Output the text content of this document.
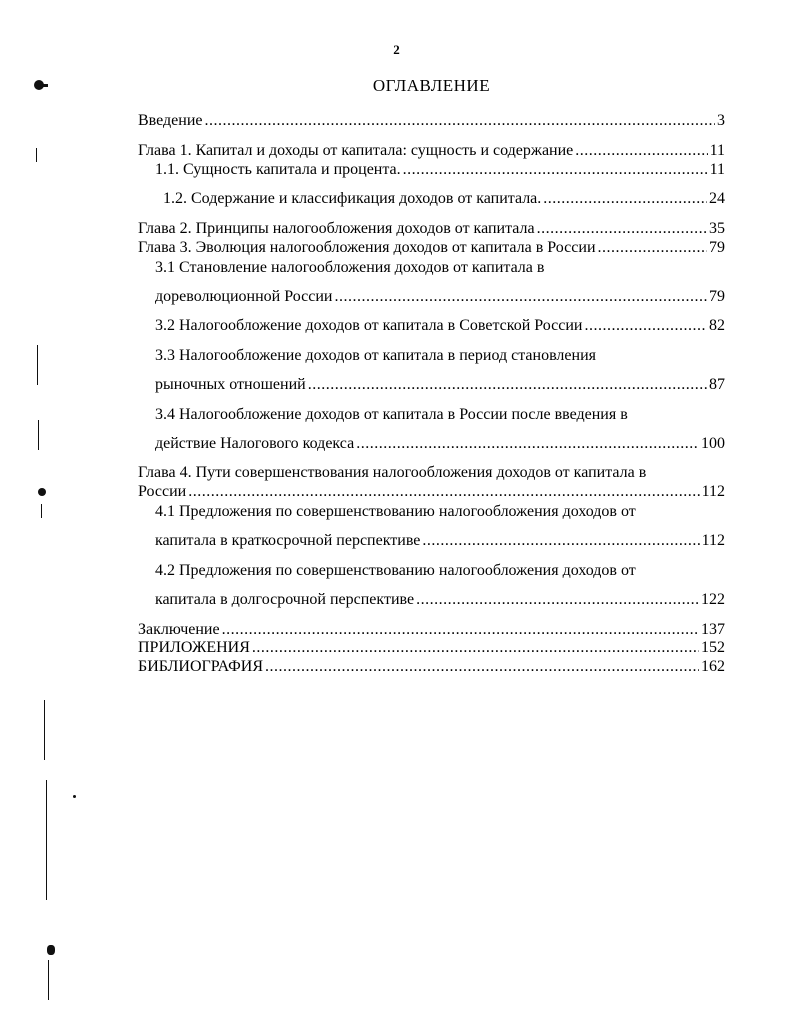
2
ОГЛАВЛЕНИЕ
Введение .....	3
Глава 1. Капитал и доходы от капитала: сущность и содержание .....	11
1.1. Сущность капитала и процента. .....	11
1.2. Содержание и классификация доходов от капитала. .....	24
Глава 2. Принципы налогообложения доходов от капитала .....	35
Глава 3. Эволюция налогообложения доходов от капитала в России .....	79
3.1 Становление налогообложения доходов от капитала в
дореволюционной России .....	79
3.2 Налогообложение доходов от капитала в Советской России .....	82
3.3 Налогообложение доходов от капитала в период становления
рыночных отношений .....	87
3.4 Налогообложение доходов от капитала в России после введения в
действие Налогового кодекса .....	100
Глава 4. Пути совершенствования налогообложения доходов от капитала в
России .....	112
4.1 Предложения по совершенствованию налогообложения доходов от
капитала в краткосрочной перспективе .....	112
4.2 Предложения по совершенствованию налогообложения доходов от
капитала в долгосрочной перспективе .....	122
Заключение .....	137
ПРИЛОЖЕНИЯ .....	152
БИБЛИОГРАФИЯ .....	162
